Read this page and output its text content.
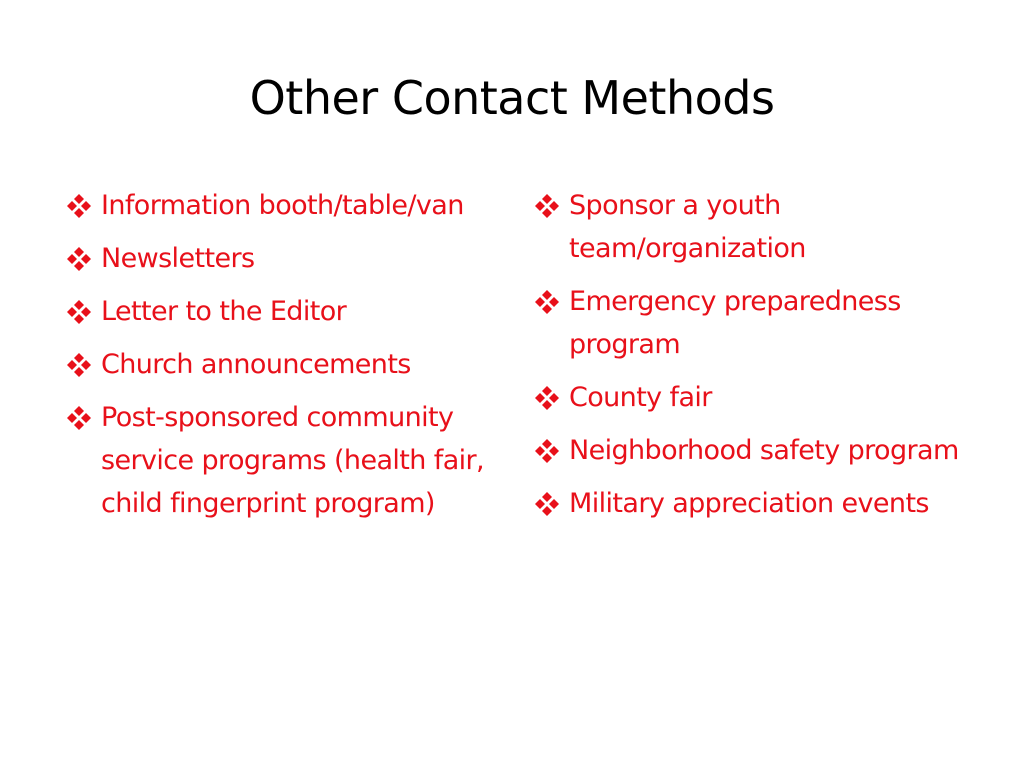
Other Contact Methods
Information booth/table/van
Newsletters
Letter to the Editor
Church announcements
Post-sponsored community service programs (health fair, child fingerprint program)
Sponsor a youth team/organization
Emergency preparedness program
County fair
Neighborhood safety program
Military appreciation events
